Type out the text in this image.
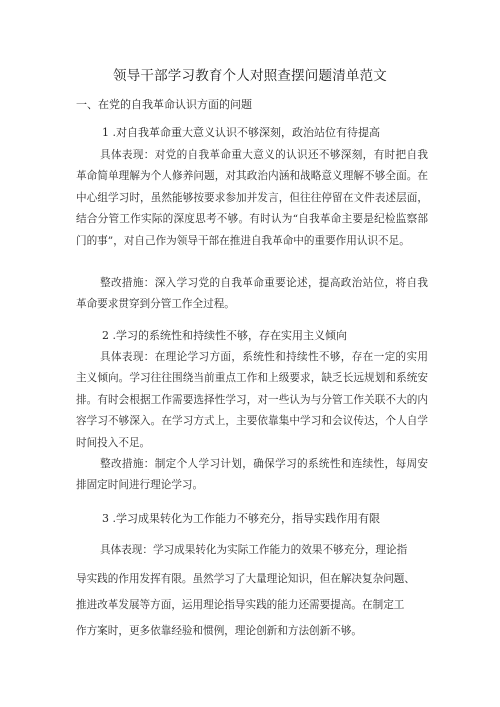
领导干部学习教育个人对照查摆问题清单范文
一、在党的自我革命认识方面的问题
1 .对自我革命重大意义认识不够深刻，政治站位有待提高
具体表现：对党的自我革命重大意义的认识还不够深刻，有时把自我革命简单理解为个人修养问题，对其政治内涵和战略意义理解不够全面。在中心组学习时，虽然能够按要求参加并发言，但往往停留在文件表述层面，结合分管工作实际的深度思考不够。有时认为“自我革命主要是纪检监察部门的事”，对自己作为领导干部在推进自我革命中的重要作用认识不足。
整改措施：深入学习党的自我革命重要论述，提高政治站位，将自我革命要求贯穿到分管工作全过程。
2 .学习的系统性和持续性不够，存在实用主义倾向
具体表现：在理论学习方面，系统性和持续性不够，存在一定的实用主义倾向。学习往往围绕当前重点工作和上级要求，缺乏长远规划和系统安排。有时会根据工作需要选择性学习，对一些认为与分管工作关联不大的内容学习不够深入。在学习方式上，主要依靠集中学习和会议传达，个人自学时间投入不足。
整改措施：制定个人学习计划，确保学习的系统性和连续性，每周安排固定时间进行理论学习。
3 .学习成果转化为工作能力不够充分，指导实践作用有限
具体表现：学习成果转化为实际工作能力的效果不够充分，理论指
导实践的作用发挥有限。虽然学习了大量理论知识，但在解决复杂问题、
推进改革发展等方面，运用理论指导实践的能力还需要提高。在制定工
作方案时，更多依靠经验和惯例，理论创新和方法创新不够。
